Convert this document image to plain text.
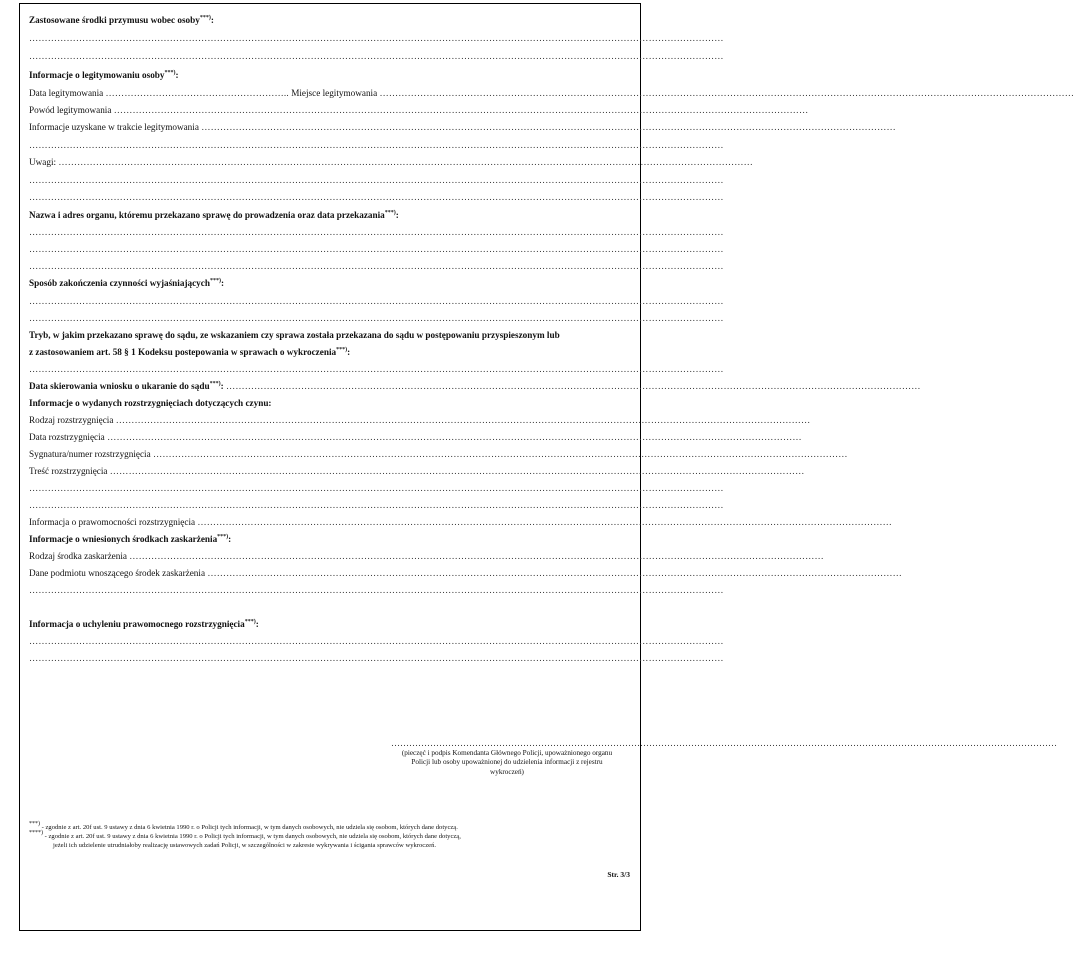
Zastosowane środki przymusu wobec osoby***):
……………………………………………………………………………………………………………………………………………………………………………………………………
……………………………………………………………………………………………………………………………………………………………………………………………………
Informacje o legitymowaniu osoby***):
Data legitymowania ………………………………………………….. Miejsce legitymowania ……………………………………………………………………………………………………………………………………………………………………………………………………
Powód legitymowania ……………………………………………………………………………………………………………………………………………………………………………………………………
Informacje uzyskane w trakcie legitymowania ……………………………………………………………………………………………………………………………………………………………………………………………………
……………………………………………………………………………………………………………………………………………………………………………………………………
Uwagi: ……………………………………………………………………………………………………………………………………………………………………………………………………
……………………………………………………………………………………………………………………………………………………………………………………………………
……………………………………………………………………………………………………………………………………………………………………………………………………
Nazwa i adres organu, któremu przekazano sprawę do prowadzenia oraz data przekazania***):
……………………………………………………………………………………………………………………………………………………………………………………………………
……………………………………………………………………………………………………………………………………………………………………………………………………
……………………………………………………………………………………………………………………………………………………………………………………………………
Sposób zakończenia czynności wyjaśniających***):
……………………………………………………………………………………………………………………………………………………………………………………………………
……………………………………………………………………………………………………………………………………………………………………………………………………
Tryb, w jakim przekazano sprawę do sądu, ze wskazaniem czy sprawa została przekazana do sądu w postępowaniu przyspieszonym lub
z zastosowaniem art. 58 § 1 Kodeksu postepowania w sprawach o wykroczenia***):
……………………………………………………………………………………………………………………………………………………………………………………………………
Data skierowania wniosku o ukaranie do sądu***): ……………………………………………………………………………………………………………………………………………………………………………………………………
Informacje o wydanych rozstrzygnięciach dotyczących czynu:
Rodzaj rozstrzygnięcia ……………………………………………………………………………………………………………………………………………………………………………………………………
Data rozstrzygnięcia ……………………………………………………………………………………………………………………………………………………………………………………………………
Sygnatura/numer rozstrzygnięcia ……………………………………………………………………………………………………………………………………………………………………………………………………
Treść rozstrzygnięcia ……………………………………………………………………………………………………………………………………………………………………………………………………
……………………………………………………………………………………………………………………………………………………………………………………………………
……………………………………………………………………………………………………………………………………………………………………………………………………
Informacja o prawomocności rozstrzygnięcia ……………………………………………………………………………………………………………………………………………………………………………………………………
Informacje o wniesionych środkach zaskarżenia***):
Rodzaj środka zaskarżenia ……………………………………………………………………………………………………………………………………………………………………………………………………
Dane podmiotu wnoszącego środek zaskarżenia ……………………………………………………………………………………………………………………………………………………………………………………………………
……………………………………………………………………………………………………………………………………………………………………………………………………
Informacja o uchyleniu prawomocnego rozstrzygnięcia***):
……………………………………………………………………………………………………………………………………………………………………………………………………
……………………………………………………………………………………………………………………………………………………………………………………………………
……………………………………………………………………………………………………………………………………………………………………………………………………
(pieczęć i podpis Komendanta Głównego Policji, upoważnionego organu
Policji lub osoby upoważnionej do udzielenia informacji z rejestru
wykroczeń)
***) - zgodnie z art. 20f ust. 9 ustawy z dnia 6 kwietnia 1990 r. o Policji tych informacji, w tym danych osobowych, nie udziela się osobom, których dane dotyczą.
****) - zgodnie z art. 20f ust. 9 ustawy z dnia 6 kwietnia 1990 r. o Policji tych informacji, w tym danych osobowych, nie udziela się osobom, których dane dotyczą,
jeżeli ich udzielenie utrudniałoby realizację ustawowych zadań Policji, w szczególności w zakresie wykrywania i ścigania sprawców wykroczeń.
Str. 3/3
